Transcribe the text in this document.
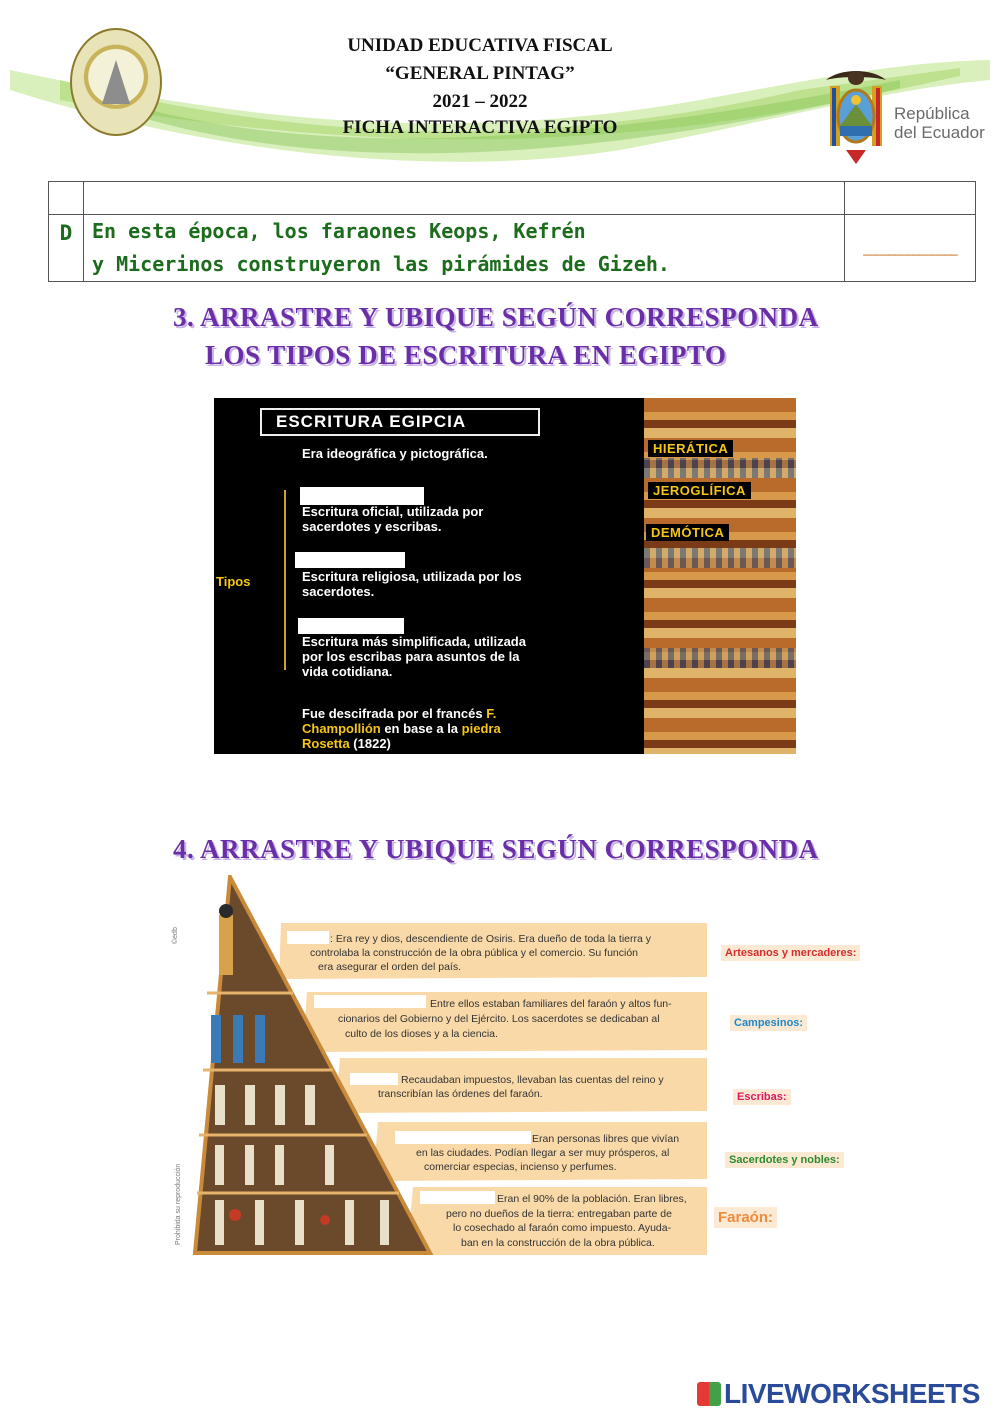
UNIDAD EDUCATIVA FISCAL
“GENERAL PINTAG”
2021 – 2022
FICHA INTERACTIVA EGIPTO
República
del Ecuador

D	En esta época, los faraones Keops, Kefrén
y Micerinos construyeron las pirámides de Gizeh.	_______________
3. ARRASTRE Y UBIQUE SEGÚN CORRESPONDA
LOS TIPOS DE ESCRITURA EN EGIPTO
ESCRITURA EGIPCIA
Era ideográfica y pictográfica.
Tipos
Escritura oficial, utilizada por
sacerdotes y escribas.
Escritura religiosa, utilizada por los
sacerdotes.
Escritura más simplificada, utilizada
por los escribas para asuntos de la
vida cotidiana.
Fue descifrada por el francés F.
Champollión en base a la piedra
Rosetta (1822)
HIERÁTICA
JEROGLÍFICA
DEMÓTICA
4. ARRASTRE Y UBIQUE SEGÚN CORRESPONDA
©edb
Prohibida su reproducción
: Era rey y dios, descendiente de Osiris. Era dueño de toda la tierra y
controlaba la construcción de la obra pública y el comercio. Su función
era asegurar el orden del país.
Entre ellos estaban familiares del faraón y altos fun-
cionarios del Gobierno y del Ejército. Los sacerdotes se dedicaban al
culto de los dioses y a la ciencia.
Recaudaban impuestos, llevaban las cuentas del reino y
transcribían las órdenes del faraón.
Eran personas libres que vivían
en las ciudades. Podían llegar a ser muy prósperos, al
comerciar especias, incienso y perfumes.
Eran el 90% de la población. Eran libres,
pero no dueños de la tierra: entregaban parte de
lo cosechado al faraón como impuesto. Ayuda-
ban en la construcción de la obra pública.
Artesanos y mercaderes:
Campesinos:
Escribas:
Sacerdotes y nobles:
Faraón:
LIVEWORKSHEETS
